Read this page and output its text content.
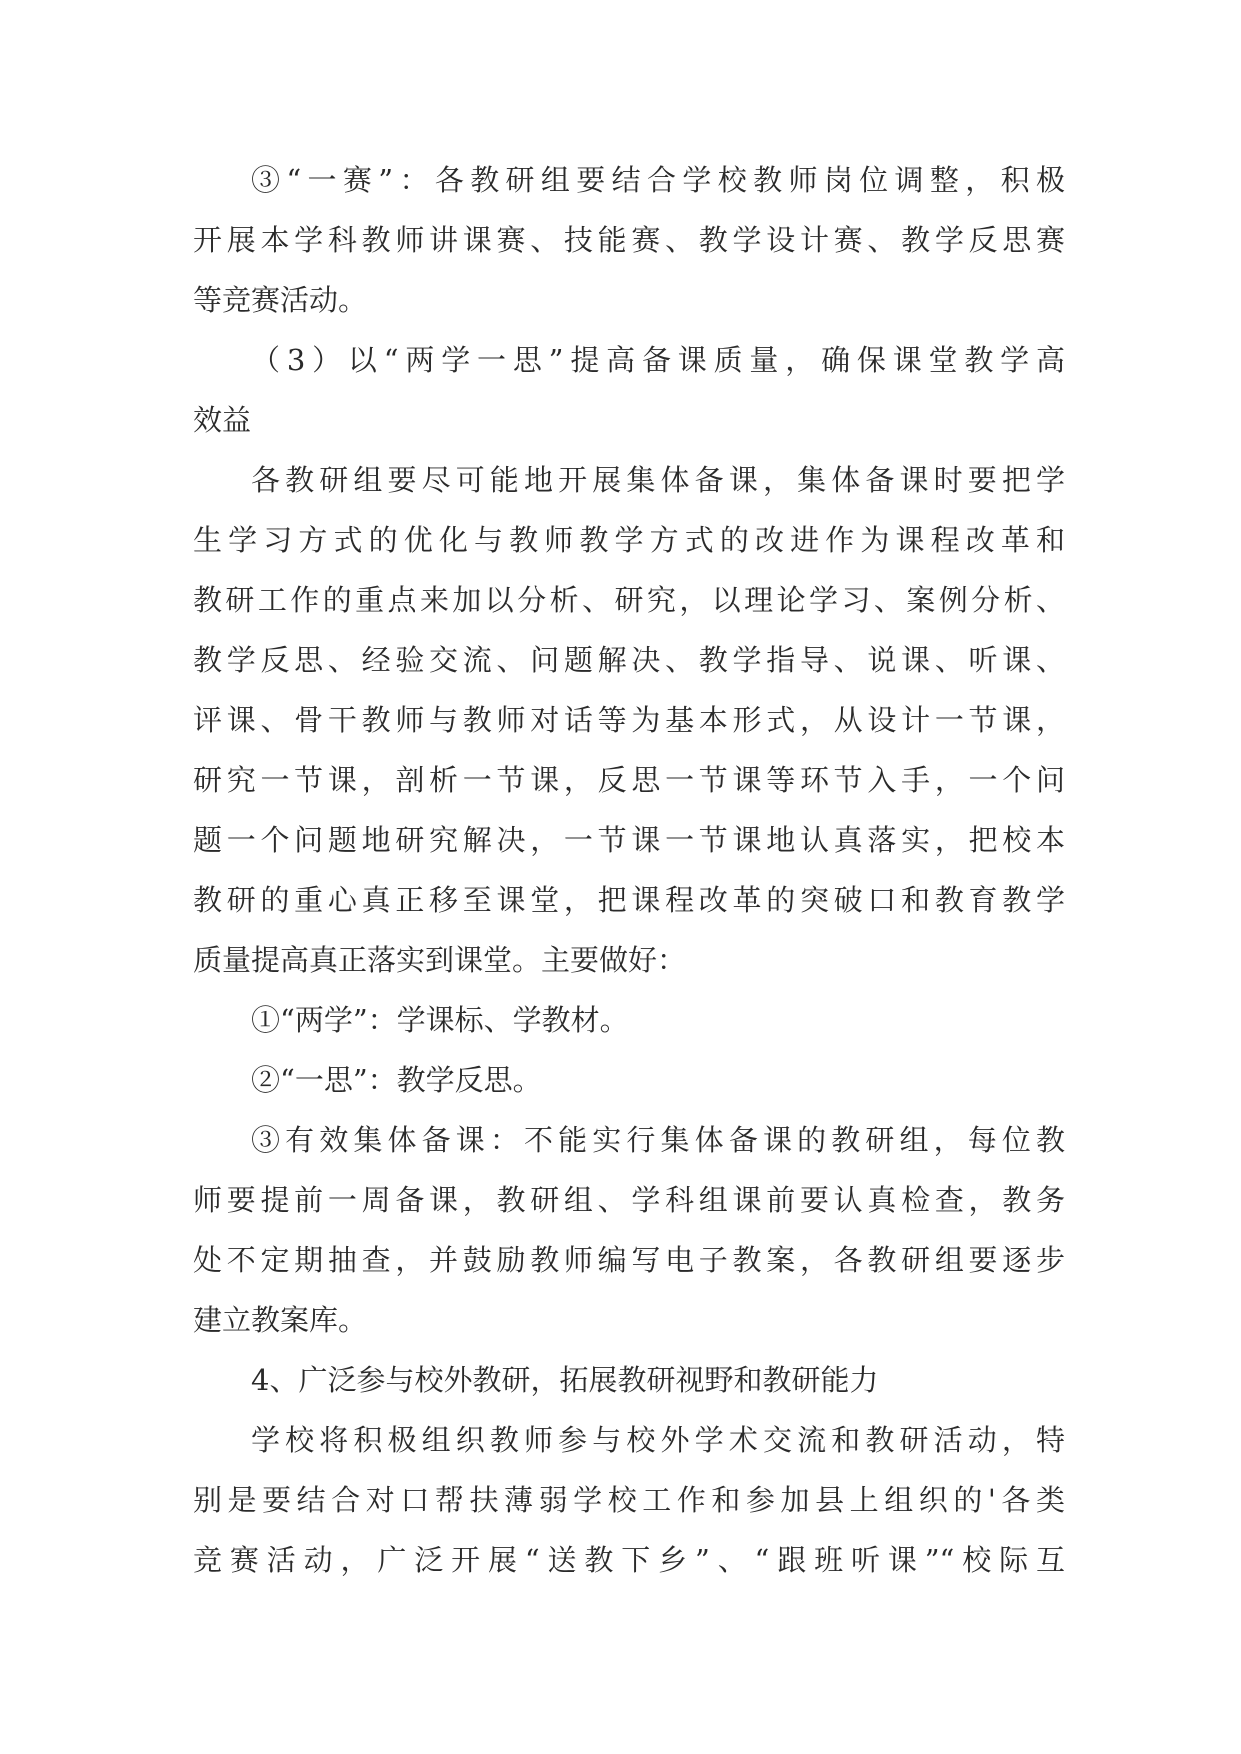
③“一赛”：各教研组要结合学校教师岗位调整，积极
开展本学科教师讲课赛、技能赛、教学设计赛、教学反思赛
等竞赛活动。
（3）以“两学一思”提高备课质量，确保课堂教学高
效益
各教研组要尽可能地开展集体备课，集体备课时要把学
生学习方式的优化与教师教学方式的改进作为课程改革和
教研工作的重点来加以分析、研究，以理论学习、案例分析、
教学反思、经验交流、问题解决、教学指导、说课、听课、
评课、骨干教师与教师对话等为基本形式，从设计一节课，
研究一节课，剖析一节课，反思一节课等环节入手，一个问
题一个问题地研究解决，一节课一节课地认真落实，把校本
教研的重心真正移至课堂，把课程改革的突破口和教育教学
质量提高真正落实到课堂。主要做好：
①“两学”：学课标、学教材。
②“一思”：教学反思。
③有效集体备课：不能实行集体备课的教研组，每位教
师要提前一周备课，教研组、学科组课前要认真检查，教务
处不定期抽查，并鼓励教师编写电子教案，各教研组要逐步
建立教案库。
4、广泛参与校外教研，拓展教研视野和教研能力
学校将积极组织教师参与校外学术交流和教研活动，特
别是要结合对口帮扶薄弱学校工作和参加县上组织的'各类
竞赛活动，广泛开展“送教下乡”、“跟班听课”“校际互
